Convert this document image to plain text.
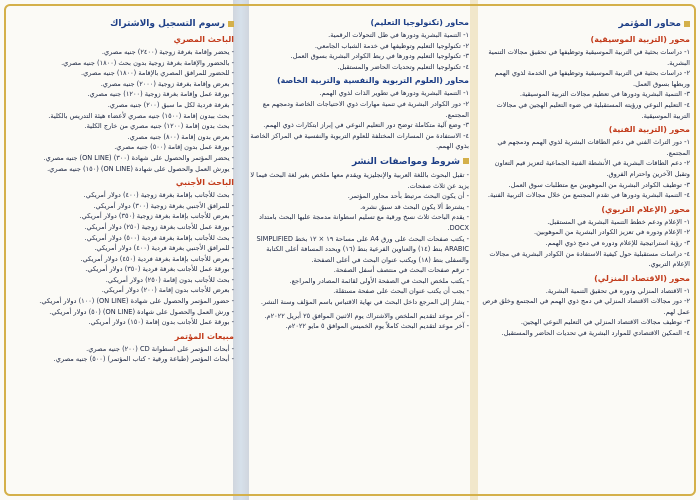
محاور المؤتمر
محور (التربية الموسيقية)
١- دراسات بحثية في التربية الموسيقية وتوظيفها في تحقيق مجالات التنمية البشرية.
٢- دراسات بحثية في التربية الموسيقية وتوظيفها في الخدمة لذوي الهمم وربطها بسوق العمل.
٣- التنمية البشرية ودورها في تعظيم مجالات التربية الموسيقية.
٤- التعليم النوعي ورؤيته المستقبلية في ضوء التعليم الهجين في مجالات التربية الموسيقية.
محور (التربية الفنية)
١- دور التراث الفني في دعم الطاقات البشرية لذوي الهمم ودمجهم في المجتمع.
٢- دعم الطاقات البشرية في الأنشطة الفنية الجماعية لتعزيز قيم التعاون وتقبل الآخرين واحترام الفروق.
٣- توظيف الكوادر البشرية من الموهوبين مع متطلبات سوق العمل.
٤- التنمية البشرية ودورها في تقدم المجتمع من خلال مجالات التربية الفنية.
محور (الإعلام التربوي)
١- الإعلام ودعم خطط التنمية البشرية في المستقبل.
٢- الإعلام ودوره في تعزيز الكوادر البشرية من الموهوبين.
٣- رؤية استراتيجية للإعلام ودوره في دمج ذوي الهمم.
٤- دراسات مستقبلية حول كيفية الاستفادة من الكوادر البشرية في مجالات الإعلام التربوي.
محور (الاقتصاد المنزلي)
١- الاقتصاد المنزلي ودوره في تحقيق التنمية البشرية.
٢- دور مجالات الاقتصاد المنزلي في دمج ذوي الهمم في المجتمع وخلق فرص عمل لهم.
٣- توظيف مجالات الاقتصاد المنزلي في التعليم النوعي الهجين.
٤- التمكين الاقتصادي للموارد البشرية في تحديات الحاضر والمستقبل.
محاور (تكنولوجيا التعليم)
١- التنمية البشرية ودورها في ظل التحولات الرقمية.
٢- تكنولوجيا التعليم وتوظيفها في خدمة الشباب الجامعي.
٣- تكنولوجيا التعليم ودورها في ربط الكوادر البشرية بسوق العمل.
٤- تكنولوجيا التعليم وتحديات الحاضر والمستقبل.
محاور (العلوم التربوية والنفسية والتربية الخاصة)
١- التنمية البشرية ودورها في تطوير الذات لذوي الهمم.
٢- دور الكوادر البشرية في تنمية مهارات ذوي الاحتياجات الخاصة ودمجهم مع المجتمع.
٣- وضع آلية متكاملة توضح دور التعليم النوعي في إبراز ابتكارات ذوي الهمم.
٤- الاستفادة من المسارات المختلفة للعلوم التربوية والنفسية في المراكز الخاصة بذوي الهمم.
شروط ومواصفات النشر
- تقبل البحوث باللغة العربية والإنجليزية ويقدم معها ملخص بغير لغة البحث فيما لا يزيد عن ثلاث صفحات.
- أن يكون البحث مرتبط بأحد محاور المؤتمر.
- يشترط ألا يكون البحث قد سبق نشره.
- يقدم الباحث ثلاث نسخ ورقية مع تسليم اسطوانة مدمجة عليها البحث بامتداد DOCX.
- يكتب صفحات البحث على ورق A4 على مساحة ١٩ × ١٢ بخط SIMPLIFIED ARABIC بنط (١٤) والعناوين الفرعية بنط (١٦) ويحدد المسافة أعلى الكتابة والسفلى بنط (١٨) ويكتب عنوان البحث في أعلى الصفحة.
- ترقم صفحات البحث في منتصف أسفل الصفحة.
- يكتب ملخص البحث في الصفحة الأولى لقائمة المصادر والمراجع.
- يجب أن يكتب عنوان البحث على صفحة مستقلة.
- يشار إلى المرجع داخل البحث في نهاية الاقتباس باسم المؤلف وسنة النشر.
- آخر موعد لتقديم الملخص والاشتراك يوم الاثنين الموافق ٢٥ أبريل ٢٠٢٢م.
- آخر موعد لتقديم البحث كاملاً يوم الخميس الموافق ٥ مايو ٢٠٢٢م.
رسوم التسجيل والاشتراك
الباحث المصري
- يحضر وإقامة بغرفة زوجية (٢٤٠٠) جنيه مصري.
- بالحضور والإقامة بغرفة زوجية بدون بحث (١٨٠٠) جنيه مصري.
- للحضور للمرافق المصري بالإقامة (١٨٠٠) جنيه مصري.
- بعرض وإقامة بغرفة زوجية (٢٠٠٠) جنيه مصري.
- بورقة عمل وإقامة بغرفة زوجية (١٢٠٠) جنيه مصري.
- بغرفة فردية لكل ما سبق (٢٠٠) جنيه مصري.
- بحث ببدون إقامة (١٥٠٠) جنيه مصري لأعضاء هيئة التدريس بالكلية.
- بحث بدون إقامة (١٢٠٠) جنيه مصري من خارج الكلية.
- بعرض بدون إقامة (٨٠٠) جنيه مصري.
- بورقة عمل بدون إقامة (٥٠٠) جنيه مصري.
- يحضر المؤتمر والحصول على شهادة (٣٠٠) (ON LINE) جنيه مصري.
- يورش العمل والحصول على شهادة (ON LINE) (١٥٠) جنيه مصري.
الباحث الأجنبي
- بحث للأجانب بإقامة بغرفة زوجية (٤٠٠) دولار أمريكي.
- للمرافق الأجنبي بغرفة زوجية (٣٠٠) دولار أمريكي.
- بعرض للأجانب بإقامة بغرفة زوجية (٣٥٠) دولار أمريكي.
- بورقة عمل للأجانب بغرفة زوجية (٢٥٠) دولار أمريكي.
- بحث للأجانب بإقامة بغرفة فردية (٥٠٠) دولار أمريكي.
- للمرافق الأجنبي بغرفة فردية (٤٠٠) دولار أمريكي.
- بعرض للأجانب بإقامة بغرفة فردية (٤٥٠) دولار أمريكي.
- بورقة عمل للأجانب بغرفة فردية (٣٥٠) دولار أمريكي.
- بحث للأجانب بدون إقامة (٢٥٠) دولار أمريكي.
- بعرض للأجانب بدون إقامة (٢٠٠) دولار أمريكي.
- حضور المؤتمر والحصول على شهادة (ON LINE) (١٠٠) دولار أمريكي.
- ورش العمل والحصول على شهادة (ON LINE) (٥٠) دولار أمريكي.
- بورقة عمل للأجانب بدون إقامة (١٥٠) دولار أمريكي.
مبيعات المؤتمر
- أبحاث المؤتمر على اسطوانة CD (٢٠٠) جنيه مصري.
- أبحاث المؤتمر (طباعة ورقية - كتاب المؤتمر) (٥٠٠) جنيه مصري.
